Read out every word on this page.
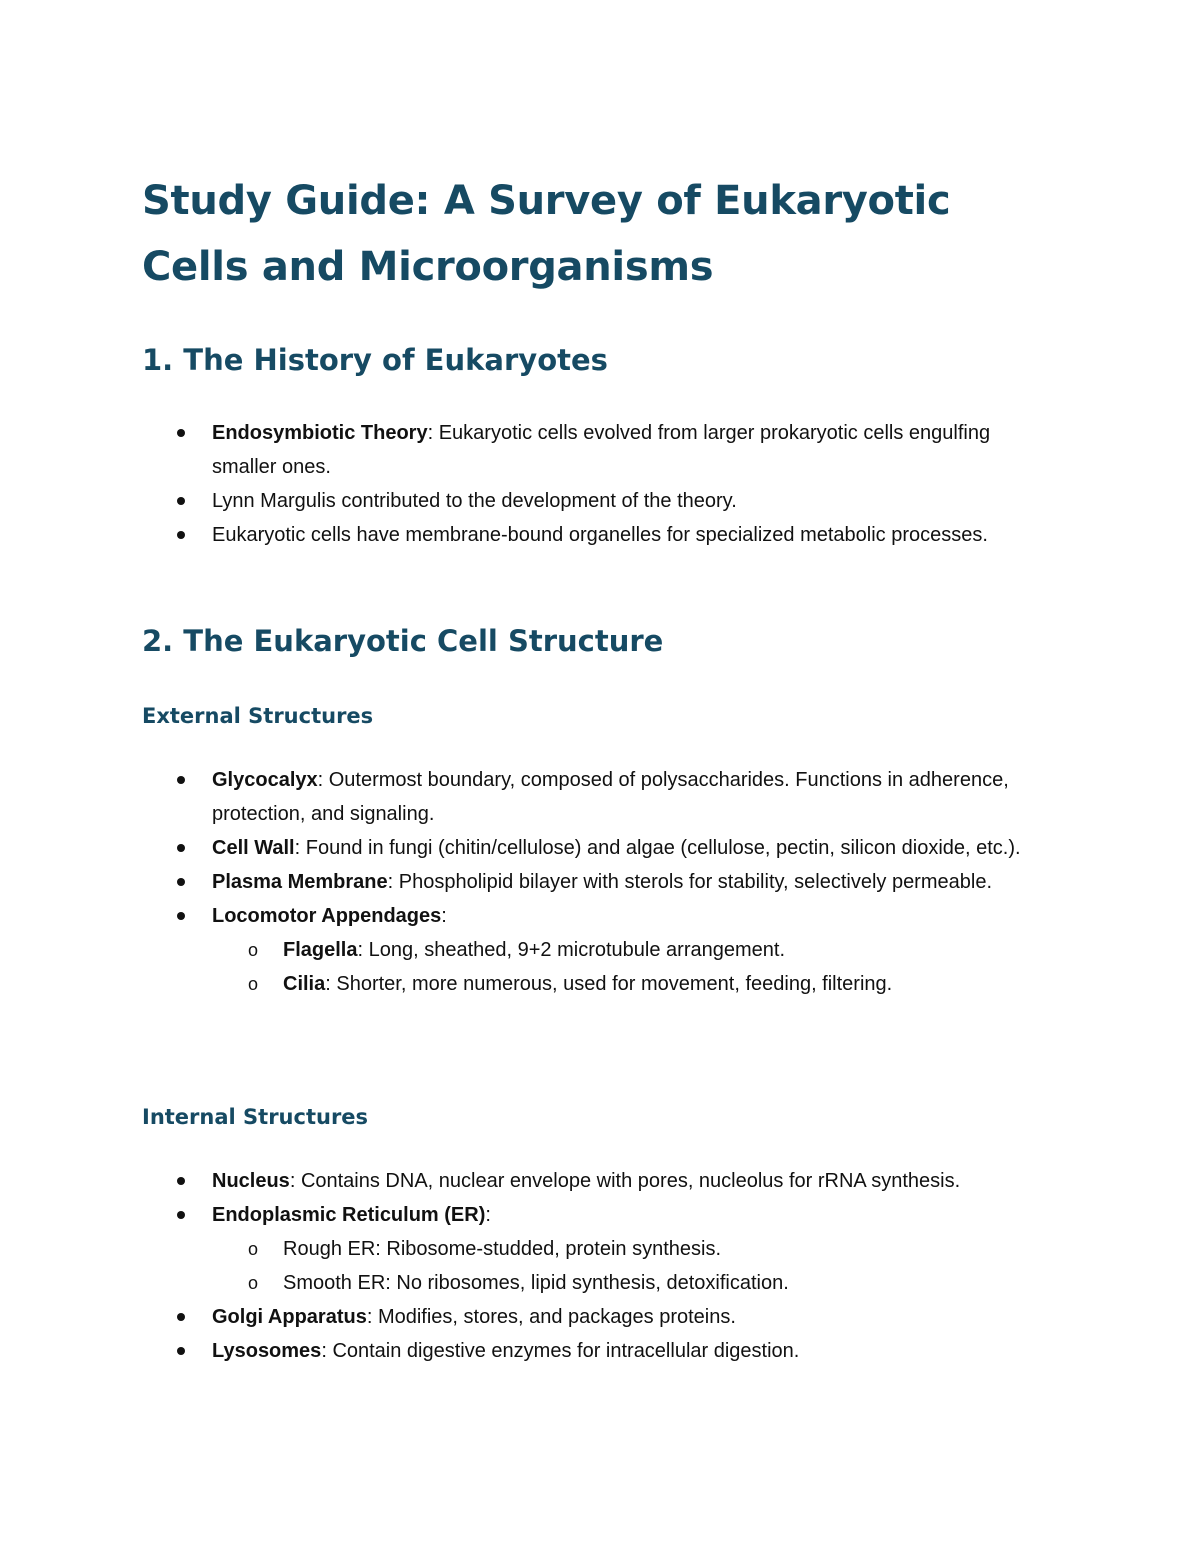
Study Guide: A Survey of Eukaryotic Cells and Microorganisms
1. The History of Eukaryotes
Endosymbiotic Theory: Eukaryotic cells evolved from larger prokaryotic cells engulfing smaller ones.
Lynn Margulis contributed to the development of the theory.
Eukaryotic cells have membrane-bound organelles for specialized metabolic processes.
2. The Eukaryotic Cell Structure
External Structures
Glycocalyx: Outermost boundary, composed of polysaccharides. Functions in adherence, protection, and signaling.
Cell Wall: Found in fungi (chitin/cellulose) and algae (cellulose, pectin, silicon dioxide, etc.).
Plasma Membrane: Phospholipid bilayer with sterols for stability, selectively permeable.
Locomotor Appendages:
o Flagella: Long, sheathed, 9+2 microtubule arrangement.
o Cilia: Shorter, more numerous, used for movement, feeding, filtering.
Internal Structures
Nucleus: Contains DNA, nuclear envelope with pores, nucleolus for rRNA synthesis.
Endoplasmic Reticulum (ER):
o Rough ER: Ribosome-studded, protein synthesis.
o Smooth ER: No ribosomes, lipid synthesis, detoxification.
Golgi Apparatus: Modifies, stores, and packages proteins.
Lysosomes: Contain digestive enzymes for intracellular digestion.
